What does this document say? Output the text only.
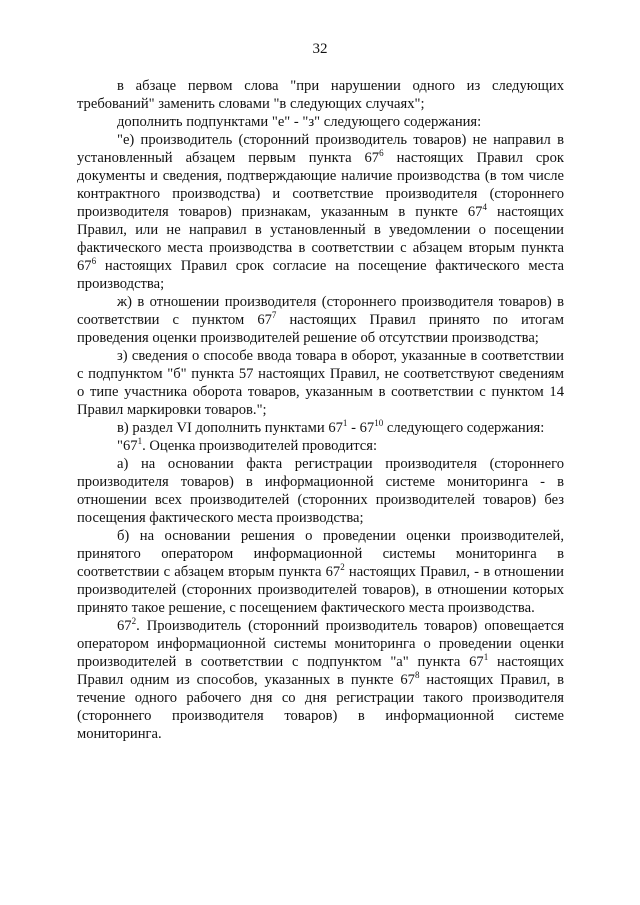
32

в абзаце первом слова "при нарушении одного из следующих требований" заменить словами "в следующих случаях";

дополнить подпунктами "е" - "з" следующего содержания:

"е) производитель (сторонний производитель товаров) не направил в установленный абзацем первым пункта $67^6$ настоящих Правил срок документы и сведения, подтверждающие наличие производства (в том числе контрактного производства) и соответствие производителя (стороннего производителя товаров) признакам, указанным в пункте $67^4$ настоящих Правил, или не направил в установленный в уведомлении о посещении фактического места производства в соответствии с абзацем вторым пункта $67^6$ настоящих Правил срок согласие на посещение фактического места производства;

ж) в отношении производителя (стороннего производителя товаров) в соответствии с пунктом $67^7$ настоящих Правил принято по итогам проведения оценки производителей решение об отсутствии производства;

з) сведения о способе ввода товара в оборот, указанные в соответствии с подпунктом "б" пункта 57 настоящих Правил, не соответствуют сведениям о типе участника оборота товаров, указанным в соответствии с пунктом 14 Правил маркировки товаров.";

в) раздел VI дополнить пунктами $67^1 - 67^{10}$ следующего содержания:

"$67^1$. Оценка производителей проводится:

а) на основании факта регистрации производителя (стороннего производителя товаров) в информационной системе мониторинга - в отношении всех производителей (сторонних производителей товаров) без посещения фактического места производства;

б) на основании решения о проведении оценки производителей, принятого оператором информационной системы мониторинга в соответствии с абзацем вторым пункта $67^2$ настоящих Правил, - в отношении производителей (сторонних производителей товаров), в отношении которых принято такое решение, с посещением фактического места производства.

$67^2$. Производитель (сторонний производитель товаров) оповещается оператором информационной системы мониторинга о проведении оценки производителей в соответствии с подпунктом "а" пункта $67^1$ настоящих Правил одним из способов, указанных в пункте $67^8$ настоящих Правил, в течение одного рабочего дня со дня регистрации такого производителя (стороннего производителя товаров) в информационной системе мониторинга.
